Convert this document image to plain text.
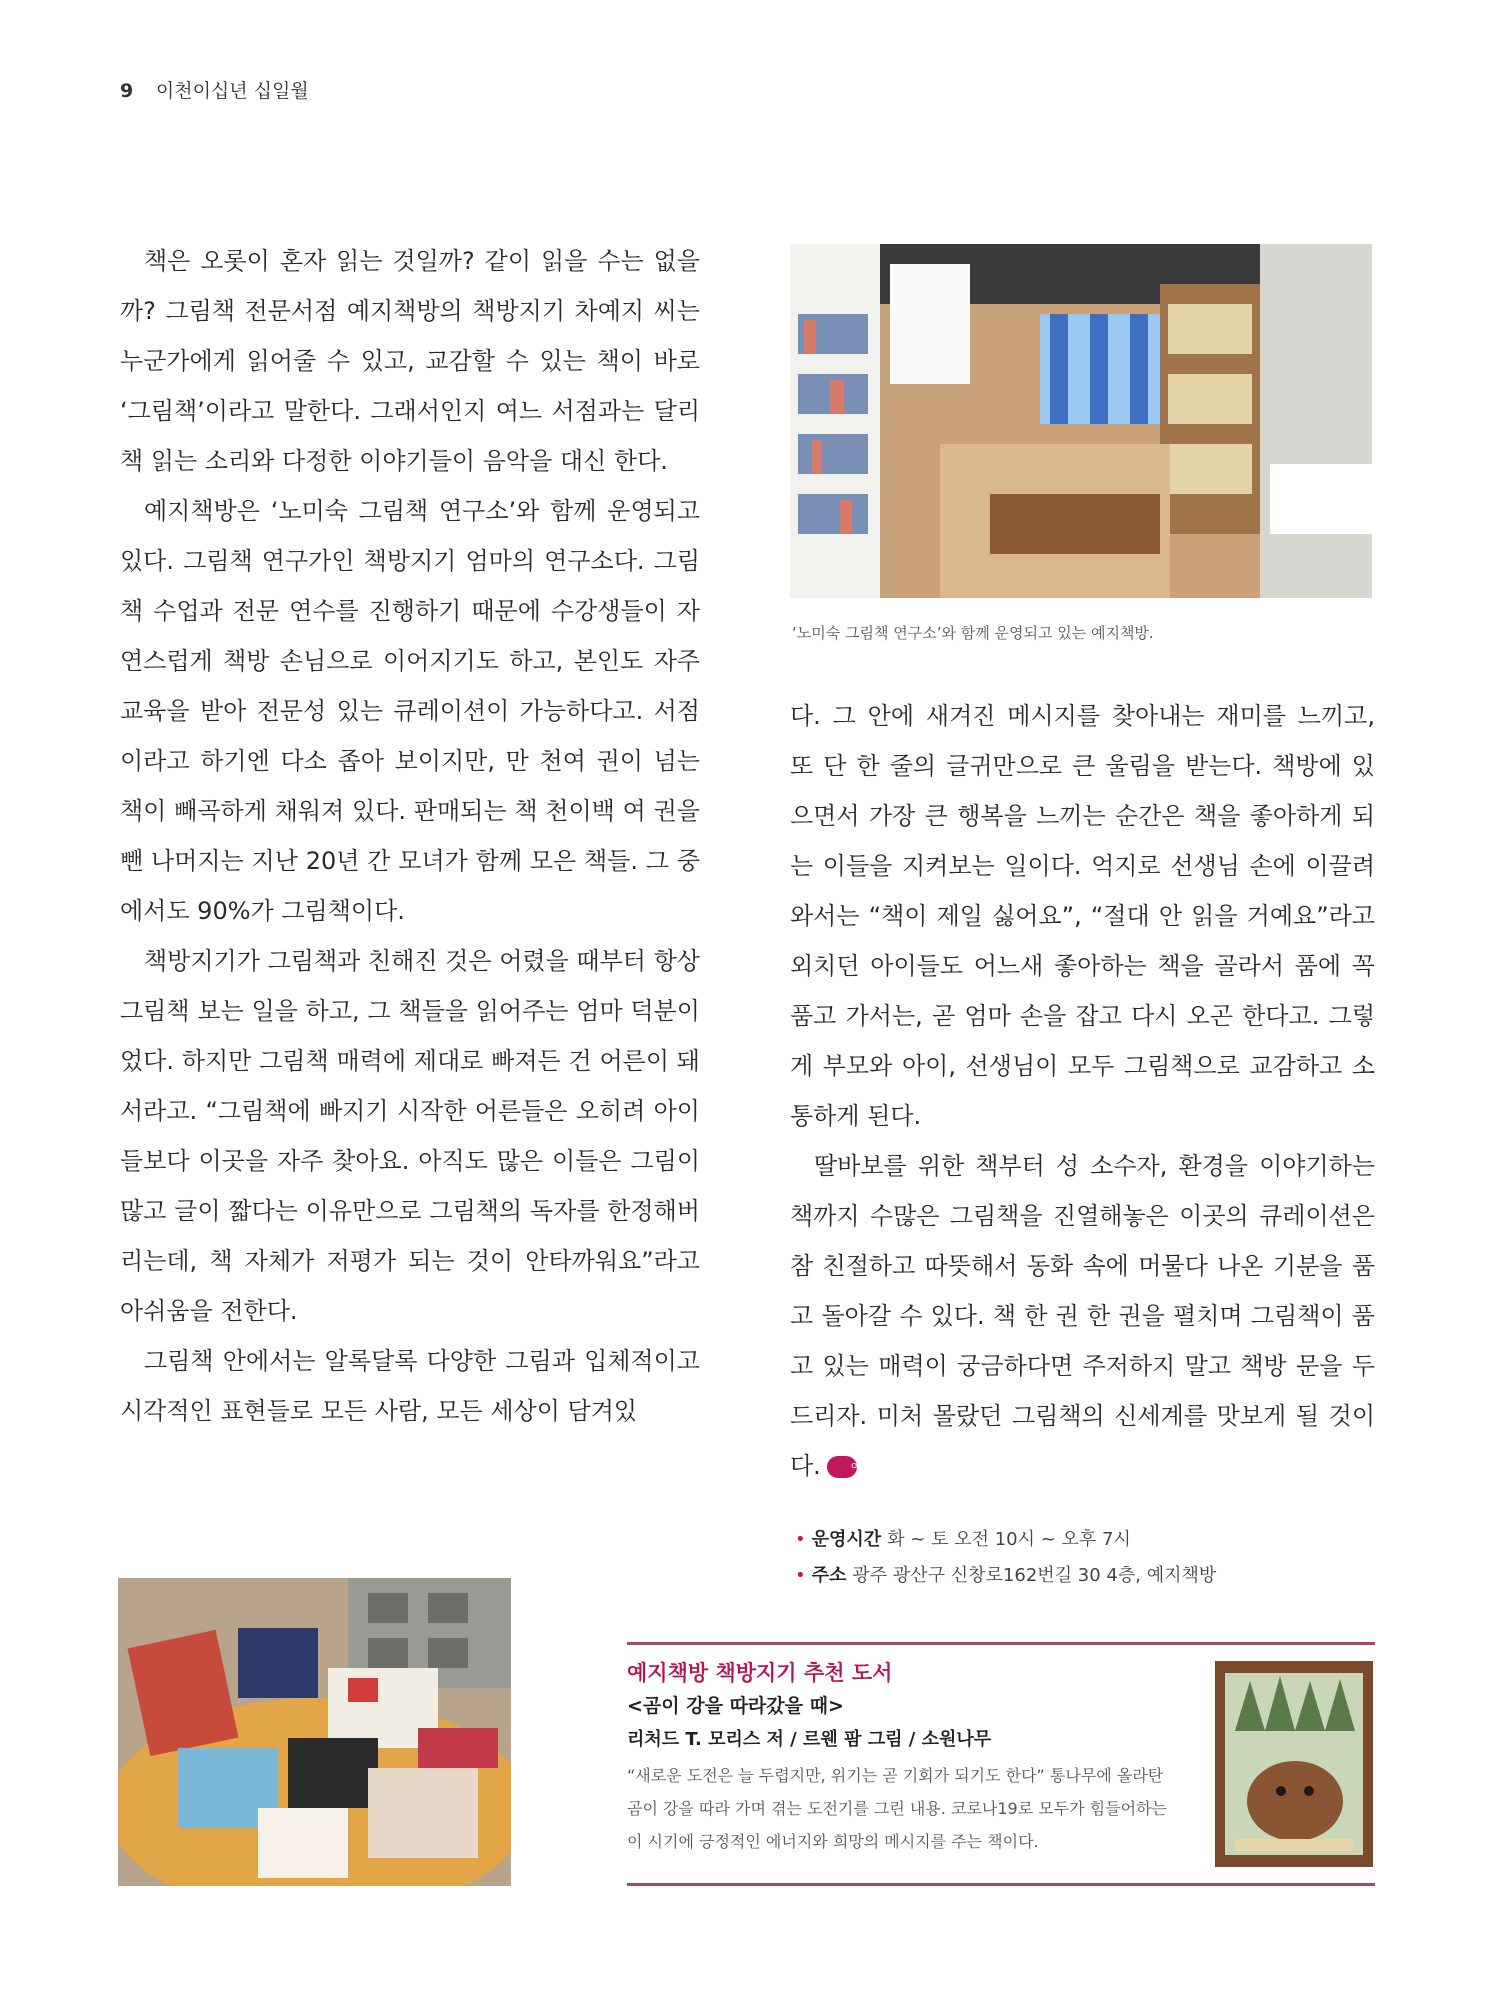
9 이천이십년 십일월

책은 오롯이 혼자 읽는 것일까? 같이 읽을 수는 없을까? 그림책 전문서점 예지책방의 책방지기 차예지 씨는 누군가에게 읽어줄 수 있고, 교감할 수 있는 책이 바로 ‘그림책’이라고 말한다. 그래서인지 여느 서점과는 달리 책 읽는 소리와 다정한 이야기들이 음악을 대신 한다.

예지책방은 ‘노미숙 그림책 연구소’와 함께 운영되고 있다. 그림책 연구가인 책방지기 엄마의 연구소다. 그림책 수업과 전문 연수를 진행하기 때문에 수강생들이 자연스럽게 책방 손님으로 이어지기도 하고, 본인도 자주 교육을 받아 전문성 있는 큐레이션이 가능하다고. 서점이라고 하기엔 다소 좁아 보이지만, 만 천여 권이 넘는 책이 빼곡하게 채워져 있다. 판매되는 책 천이백 여 권을 뺀 나머지는 지난 20년 간 모녀가 함께 모은 책들. 그 중에서도 90%가 그림책이다.

책방지기가 그림책과 친해진 것은 어렸을 때부터 항상 그림책 보는 일을 하고, 그 책들을 읽어주는 엄마 덕분이었다. 하지만 그림책 매력에 제대로 빠져든 건 어른이 돼서라고. “그림책에 빠지기 시작한 어른들은 오히려 아이들보다 이곳을 자주 찾아요. 아직도 많은 이들은 그림이 많고 글이 짧다는 이유만으로 그림책의 독자를 한정해버리는데, 책 자체가 저평가 되는 것이 안타까워요”라고 아쉬움을 전한다.

그림책 안에서는 알록달록 다양한 그림과 입체적이고 시각적인 표현들로 모든 사람, 모든 세상이 담겨있

‘노미숙 그림책 연구소’와 함께 운영되고 있는 예지책방.

다. 그 안에 새겨진 메시지를 찾아내는 재미를 느끼고, 또 단 한 줄의 글귀만으로 큰 울림을 받는다. 책방에 있으면서 가장 큰 행복을 느끼는 순간은 책을 좋아하게 되는 이들을 지켜보는 일이다. 억지로 선생님 손에 이끌려 와서는 “책이 제일 싫어요”, “절대 안 읽을 거예요”라고 외치던 아이들도 어느새 좋아하는 책을 골라서 품에 꼭 품고 가서는, 곧 엄마 손을 잡고 다시 오곤 한다고. 그렇게 부모와 아이, 선생님이 모두 그림책으로 교감하고 소통하게 된다.

딸바보를 위한 책부터 성 소수자, 환경을 이야기하는 책까지 수많은 그림책을 진열해놓은 이곳의 큐레이션은 참 친절하고 따뜻해서 동화 속에 머물다 나온 기분을 품고 돌아갈 수 있다. 책 한 권 한 권을 펼치며 그림책이 품고 있는 매력이 궁금하다면 주저하지 말고 책방 문을 두드리자. 미처 몰랐던 그림책의 신세계를 맛보게 될 것이다.	예향

• 운영시간 화 ~ 토 오전 10시 ~ 오후 7시
• 주소 광주 광산구 신창로162번길 30 4층, 예지책방
예지책방 책방지기 추천 도서
<곰이 강을 따라갔을 때>
리처드 T. 모리스 저 / 르웬 팜 그림 / 소원나무
“새로운 도전은 늘 두렵지만, 위기는 곧 기회가 되기도 한다” 통나무에 올라탄 곰이 강을 따라 가며 겪는 도전기를 그린 내용. 코로나19로 모두가 힘들어하는 이 시기에 긍정적인 에너지와 희망의 메시지를 주는 책이다.
